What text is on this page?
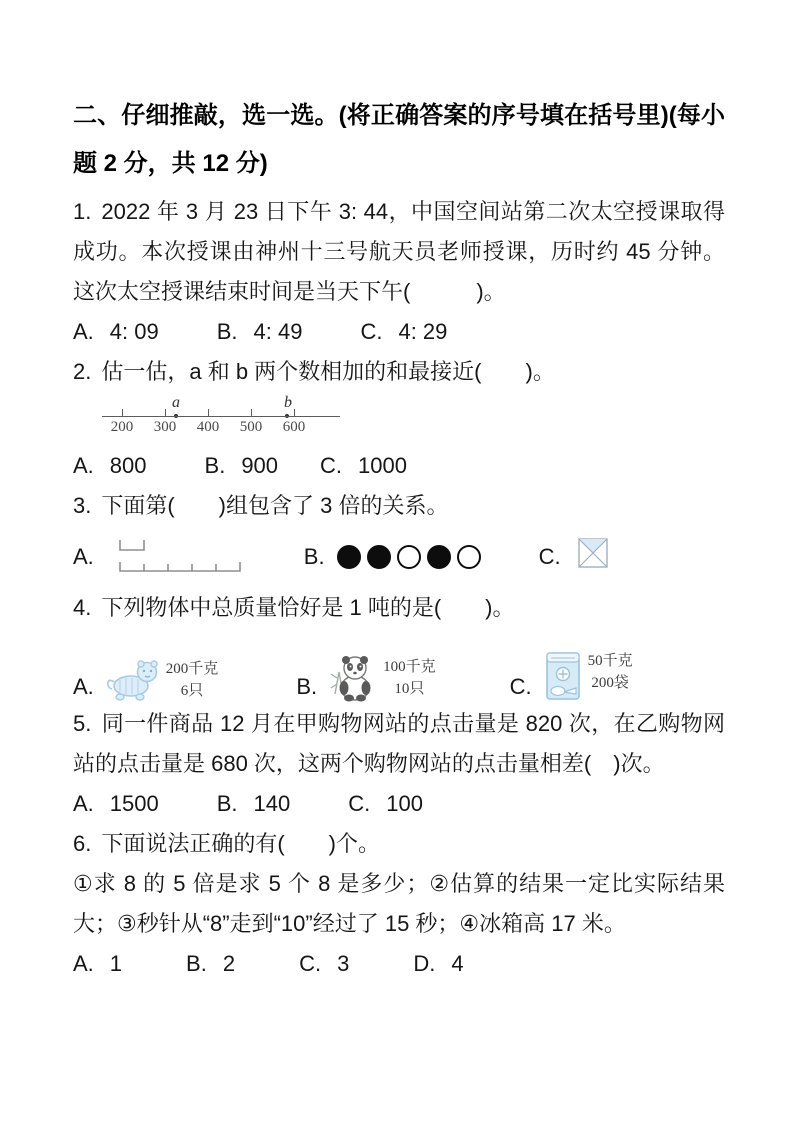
二、仔细推敲，选一选。(将正确答案的序号填在括号里)(每小题 2 分，共 12 分)

1. 2022 年 3 月 23 日下午 3: 44，中国空间站第二次太空授课取得成功。本次授课由神州十三号航天员老师授课，历时约 45 分钟。这次太空授课结束时间是当天下午(　　　)。

A. 4: 09	B. 4: 49	C. 4: 29

2. 估一估，a 和 b 两个数相加的和最接近(　　)。

a	b
200	300	400	500	600
A. 800	B. 900 C. 1000

3. 下面第(　　)组包含了 3 倍的关系。

A.	B.	C.

4. 下列物体中总质量恰好是 1 吨的是(　　)。

A.
200千克
6只	B.
100千克
10只	C.
50千克
200袋

5. 同一件商品 12 月在甲购物网站的点击量是 820 次，在乙购物网站的点击量是 680 次，这两个购物网站的点击量相差(　)次。

A. 1500	B. 140	C. 100

6. 下面说法正确的有(　　)个。

①求 8 的 5 倍是求 5 个 8 是多少；②估算的结果一定比实际结果大；③秒针从“8”走到“10”经过了 15 秒；④冰箱高 17 米。

A. 1	B. 2	C. 3	D. 4
